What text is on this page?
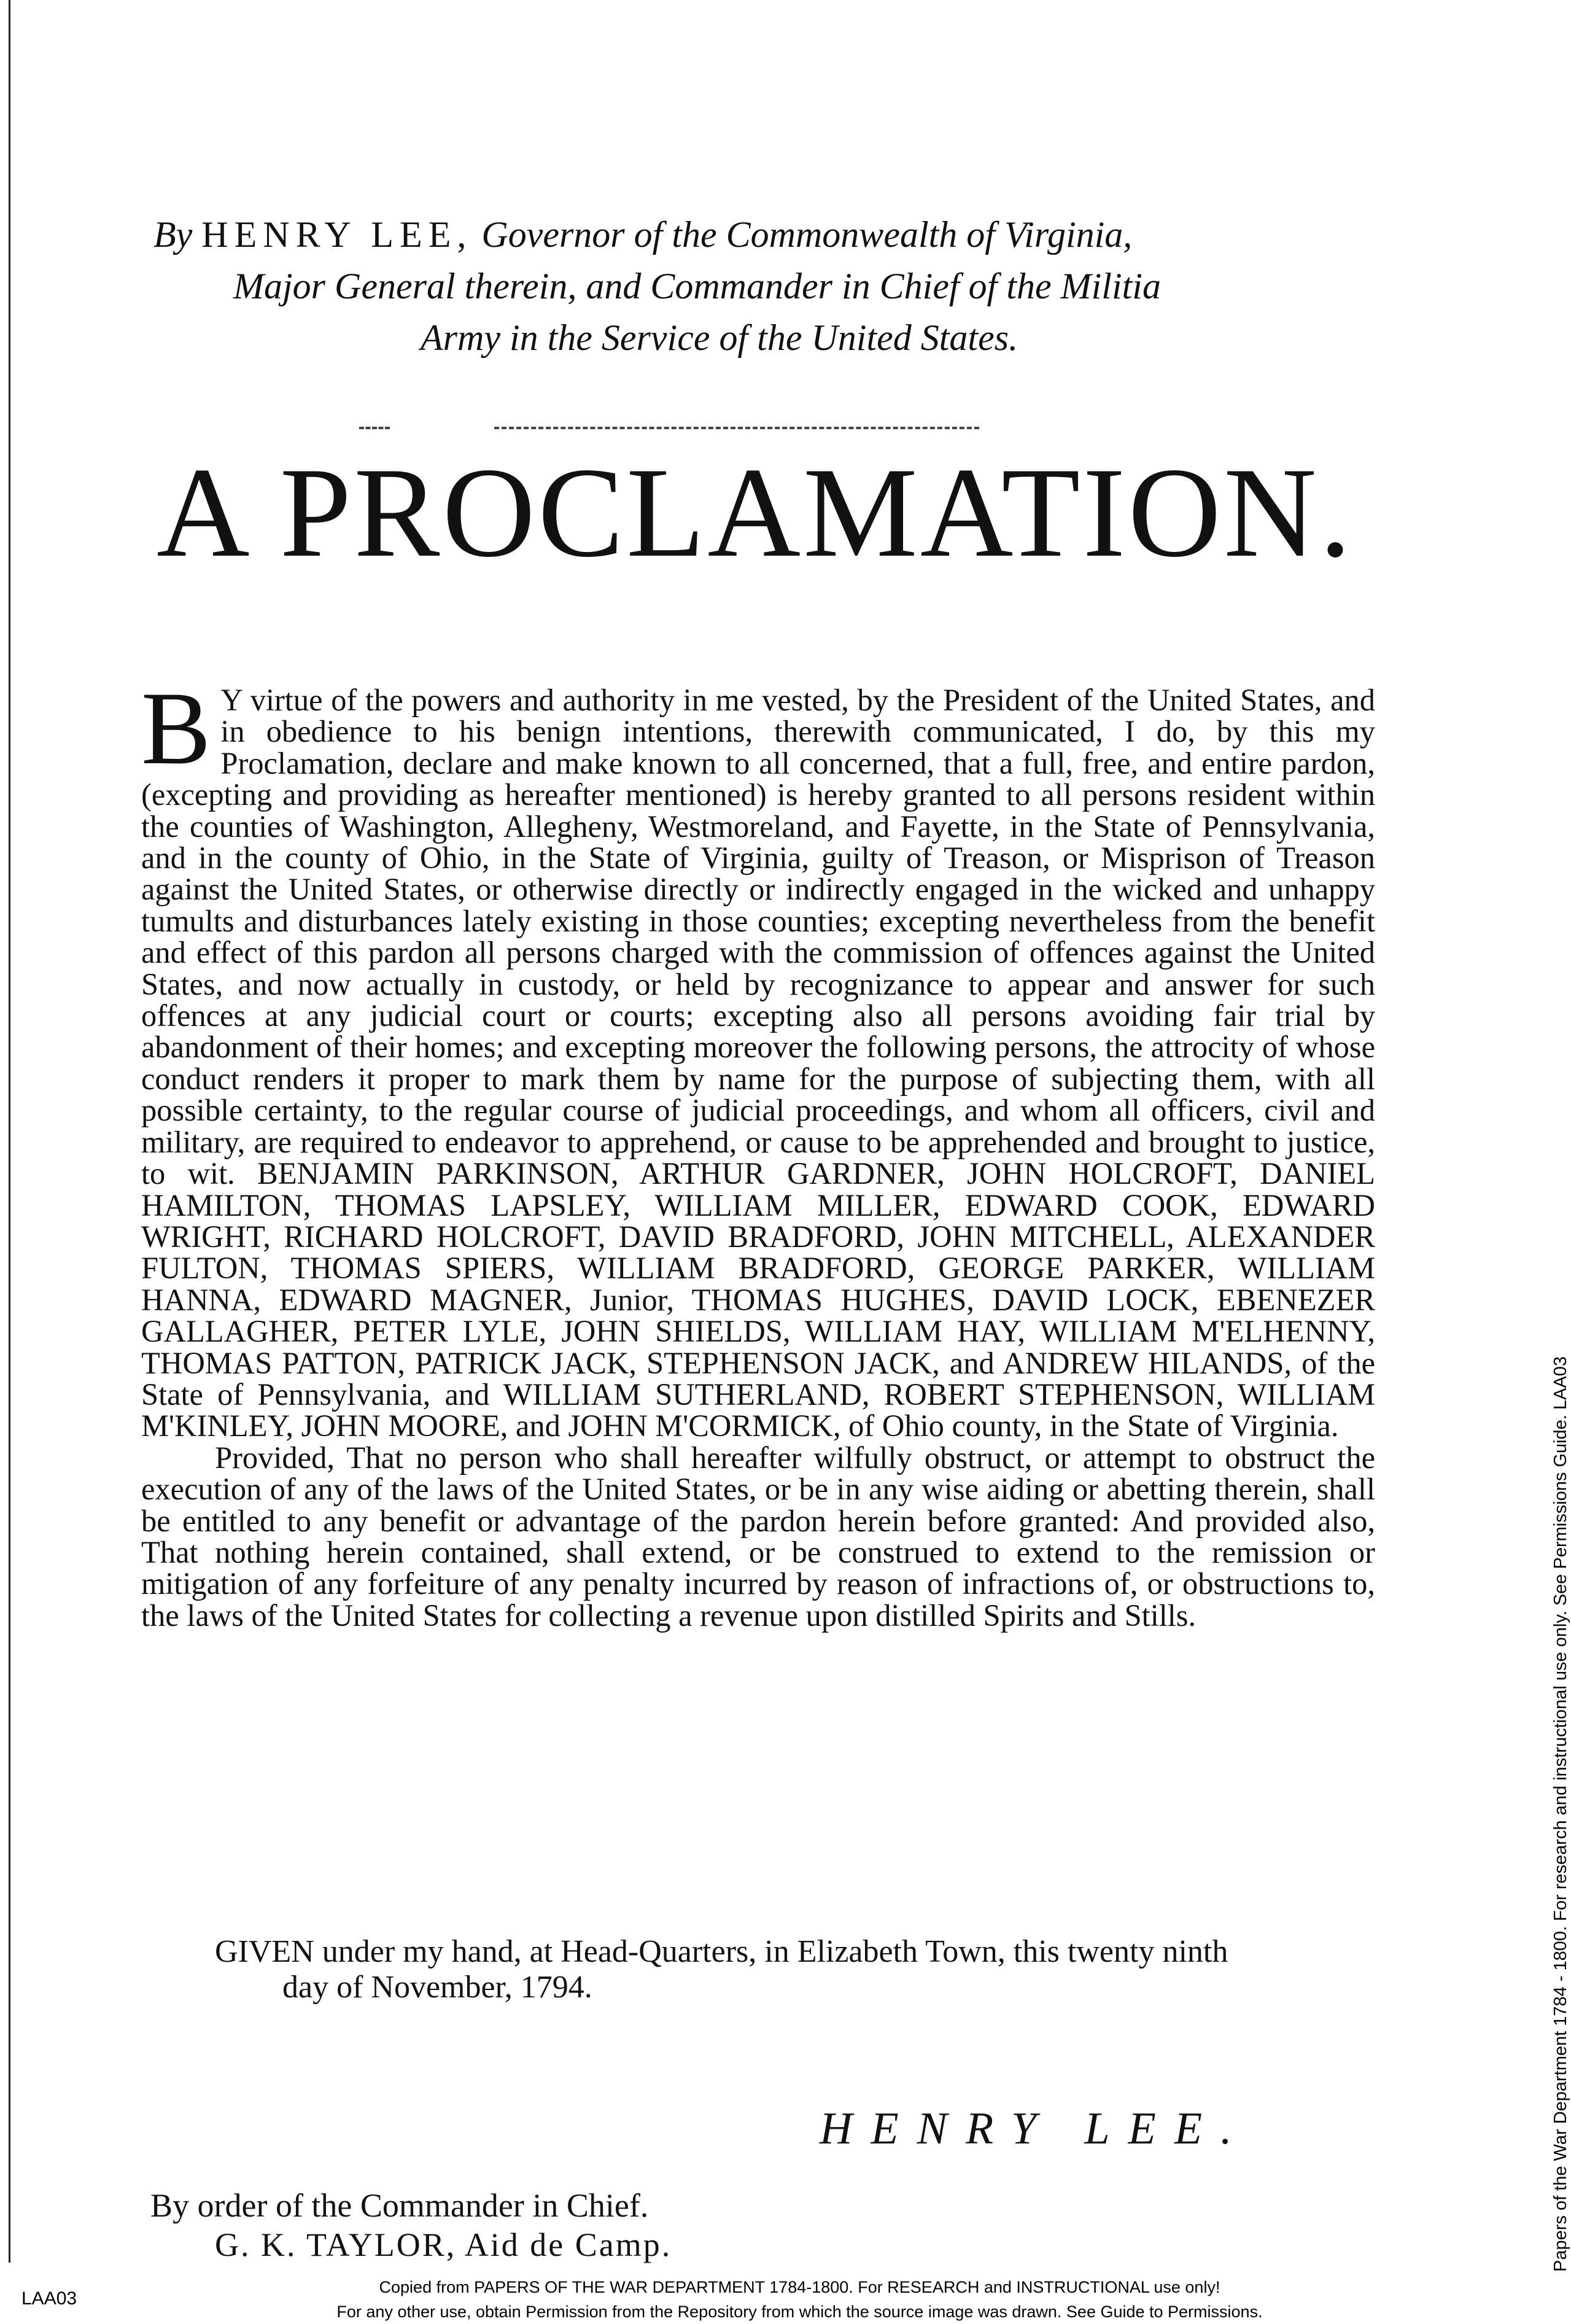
By HENRY LEE, Governor of the Commonwealth of Virginia,
Major General therein, and Commander in Chief of the Militia
Army in the Service of the United States.
A PROCLAMATION.

B Y virtue of the powers and authority in me vested, by the President of the United States, and in obedience to his benign intentions, therewith communicated, I do, by this my Proclamation, declare and make known to all concerned, that a full, free, and entire pardon, (excepting and providing as hereafter mentioned) is hereby granted to all persons resident within the counties of Washington, Allegheny, Westmoreland, and Fayette, in the State of Pennsylvania, and in the county of Ohio, in the State of Virginia, guilty of Treason, or Misprison of Treason against the United States, or otherwise directly or indirectly engaged in the wicked and unhappy tumults and disturbances lately existing in those counties; excepting nevertheless from the benefit and effect of this pardon all persons charged with the commission of offences against the United States, and now actually in custody, or held by recognizance to appear and answer for such offences at any judicial court or courts; excepting also all persons avoiding fair trial by abandonment of their homes; and excepting moreover the following persons, the attrocity of whose conduct renders it proper to mark them by name for the purpose of subjecting them, with all possible certainty, to the regular course of judicial proceedings, and whom all officers, civil and military, are required to endeavor to apprehend, or cause to be apprehended and brought to justice, to wit. BENJAMIN PARKINSON, ARTHUR GARDNER, JOHN HOLCROFT, DANIEL HAMILTON, THOMAS LAPSLEY, WILLIAM MILLER, EDWARD COOK, EDWARD WRIGHT, RICHARD HOLCROFT, DAVID BRADFORD, JOHN MITCHELL, ALEXANDER FULTON, THOMAS SPIERS, WILLIAM BRADFORD, GEORGE PARKER, WILLIAM HANNA, EDWARD MAGNER, Junior, THOMAS HUGHES, DAVID LOCK, EBENEZER GALLAGHER, PETER LYLE, JOHN SHIELDS, WILLIAM HAY, WILLIAM M'ELHENNY, THOMAS PATTON, PATRICK JACK, STEPHENSON JACK, and ANDREW HILANDS, of the State of Pennsylvania, and WILLIAM SUTHERLAND, ROBERT STEPHENSON, WILLIAM M'KINLEY, JOHN MOORE, and JOHN M'CORMICK, of Ohio county, in the State of Virginia.

Provided, That no person who shall hereafter wilfully obstruct, or attempt to obstruct the execution of any of the laws of the United States, or be in any wise aiding or abetting therein, shall be entitled to any benefit or advantage of the pardon herein before granted: And provided also, That nothing herein contained, shall extend, or be construed to extend to the remission or mitigation of any forfeiture of any penalty incurred by reason of infractions of, or obstructions to, the laws of the United States for collecting a revenue upon distilled Spirits and Stills.

GIVEN under my hand, at Head-Quarters, in Elizabeth Town, this twenty ninth
day of November, 1794.
HENRY LEE.
By order of the Commander in Chief.
G. K. TAYLOR, Aid de Camp.
Copied from PAPERS OF THE WAR DEPARTMENT 1784-1800. For RESEARCH and INSTRUCTIONAL use only!
For any other use, obtain Permission from the Repository from which the source image was drawn. See Guide to Permissions.
LAA03
Papers of the War Department 1784 - 1800. For research and instructional use only. See Permissions Guide. LAA03
